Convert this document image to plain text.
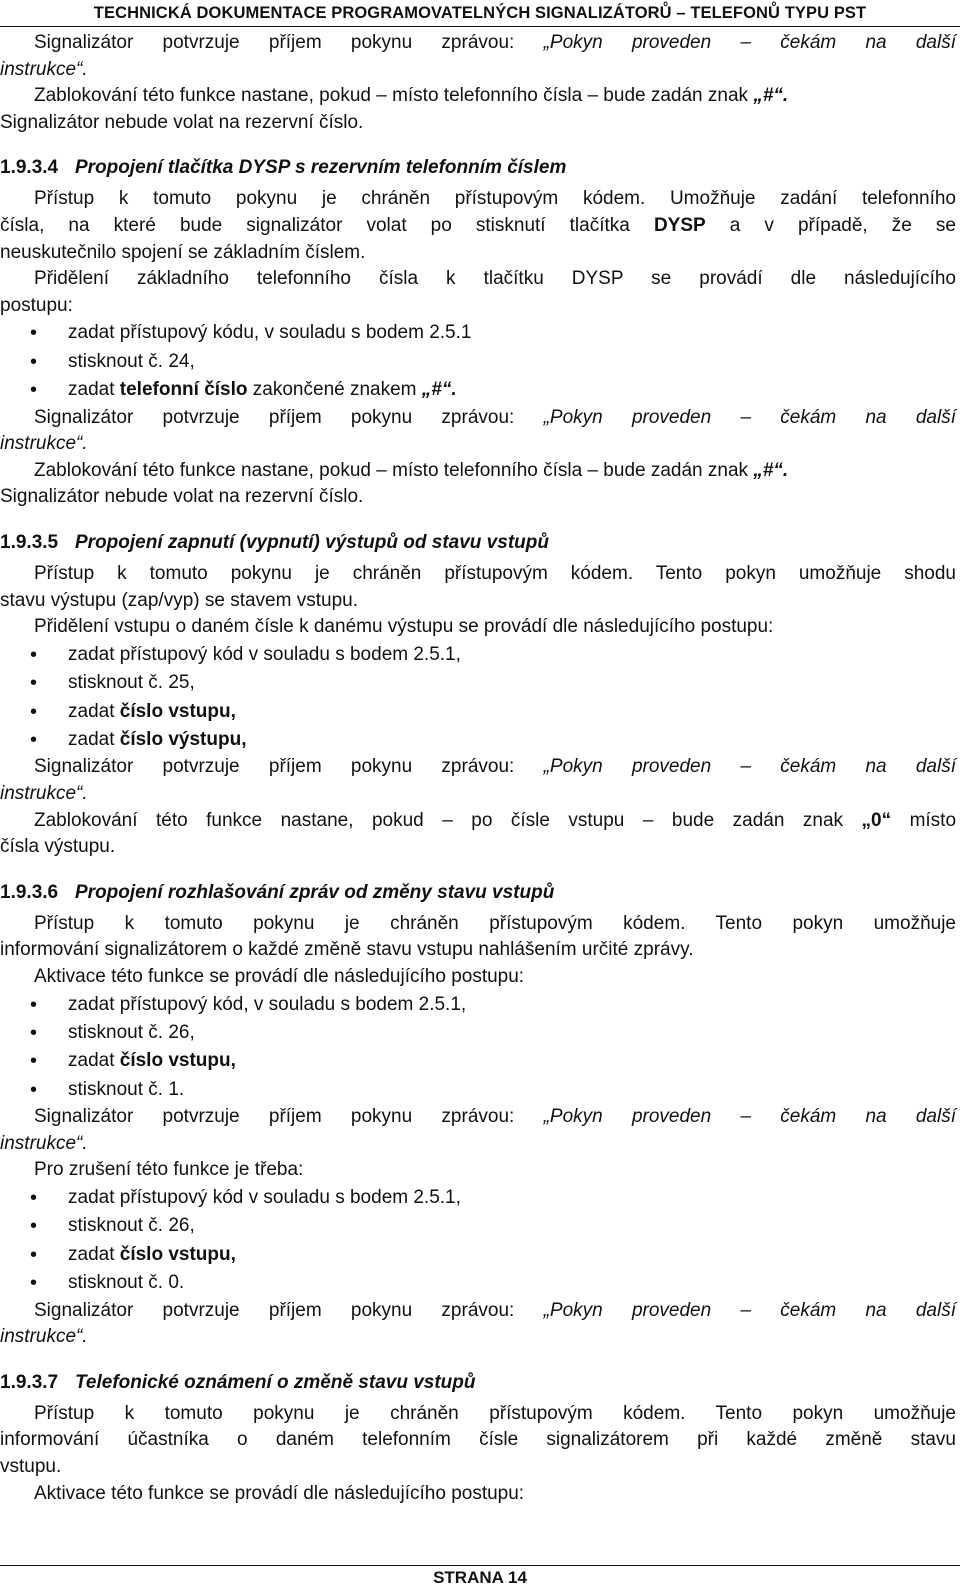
TECHNICKÁ DOKUMENTACE PROGRAMOVATELNÝCH SIGNALIZÁTORŮ – TELEFONŮ TYPU PST

Signalizátor potvrzuje příjem pokynu zprávou: „Pokyn proveden – čekám na další

instrukce“.

Zablokování této funkce nastane, pokud – místo telefonního čísla – bude zadán znak „#“.

Signalizátor nebude volat na rezervní číslo.

1.9.3.4 Propojení tlačítka DYSP s rezervním telefonním číslem

Přístup k tomuto pokynu je chráněn přístupovým kódem. Umožňuje zadání telefonního

čísla, na které bude signalizátor volat po stisknutí tlačítka DYSP a v případě, že se

neuskutečnilo spojení se základním číslem.

Přidělení základního telefonního čísla k tlačítku DYSP se provádí dle následujícího

postupu:

• zadat přístupový kódu, v souladu s bodem 2.5.1
• stisknout č. 24,
• zadat telefonní číslo zakončené znakem „#“.

Signalizátor potvrzuje příjem pokynu zprávou: „Pokyn proveden – čekám na další

instrukce“.

Zablokování této funkce nastane, pokud – místo telefonního čísla – bude zadán znak „#“.

Signalizátor nebude volat na rezervní číslo.

1.9.3.5 Propojení zapnutí (vypnutí) výstupů od stavu vstupů

Přístup k tomuto pokynu je chráněn přístupovým kódem. Tento pokyn umožňuje shodu

stavu výstupu (zap/vyp) se stavem vstupu.

Přidělení vstupu o daném čísle k danému výstupu se provádí dle následujícího postupu:

• zadat přístupový kód v souladu s bodem 2.5.1,
• stisknout č. 25,
• zadat číslo vstupu,
• zadat číslo výstupu,

Signalizátor potvrzuje příjem pokynu zprávou: „Pokyn proveden – čekám na další

instrukce“.

Zablokování této funkce nastane, pokud – po čísle vstupu – bude zadán znak „0“ místo

čísla výstupu.

1.9.3.6 Propojení rozhlašování zpráv od změny stavu vstupů

Přístup k tomuto pokynu je chráněn přístupovým kódem. Tento pokyn umožňuje

informování signalizátorem o každé změně stavu vstupu nahlášením určité zprávy.

Aktivace této funkce se provádí dle následujícího postupu:

• zadat přístupový kód, v souladu s bodem 2.5.1,
• stisknout č. 26,
• zadat číslo vstupu,
• stisknout č. 1.

Signalizátor potvrzuje příjem pokynu zprávou: „Pokyn proveden – čekám na další

instrukce“.

Pro zrušení této funkce je třeba:

• zadat přístupový kód v souladu s bodem 2.5.1,
• stisknout č. 26,
• zadat číslo vstupu,
• stisknout č. 0.

Signalizátor potvrzuje příjem pokynu zprávou: „Pokyn proveden – čekám na další

instrukce“.

1.9.3.7 Telefonické oznámení o změně stavu vstupů

Přístup k tomuto pokynu je chráněn přístupovým kódem. Tento pokyn umožňuje

informování účastníka o daném telefonním čísle signalizátorem při každé změně stavu

vstupu.

Aktivace této funkce se provádí dle následujícího postupu:

STRANA 14
